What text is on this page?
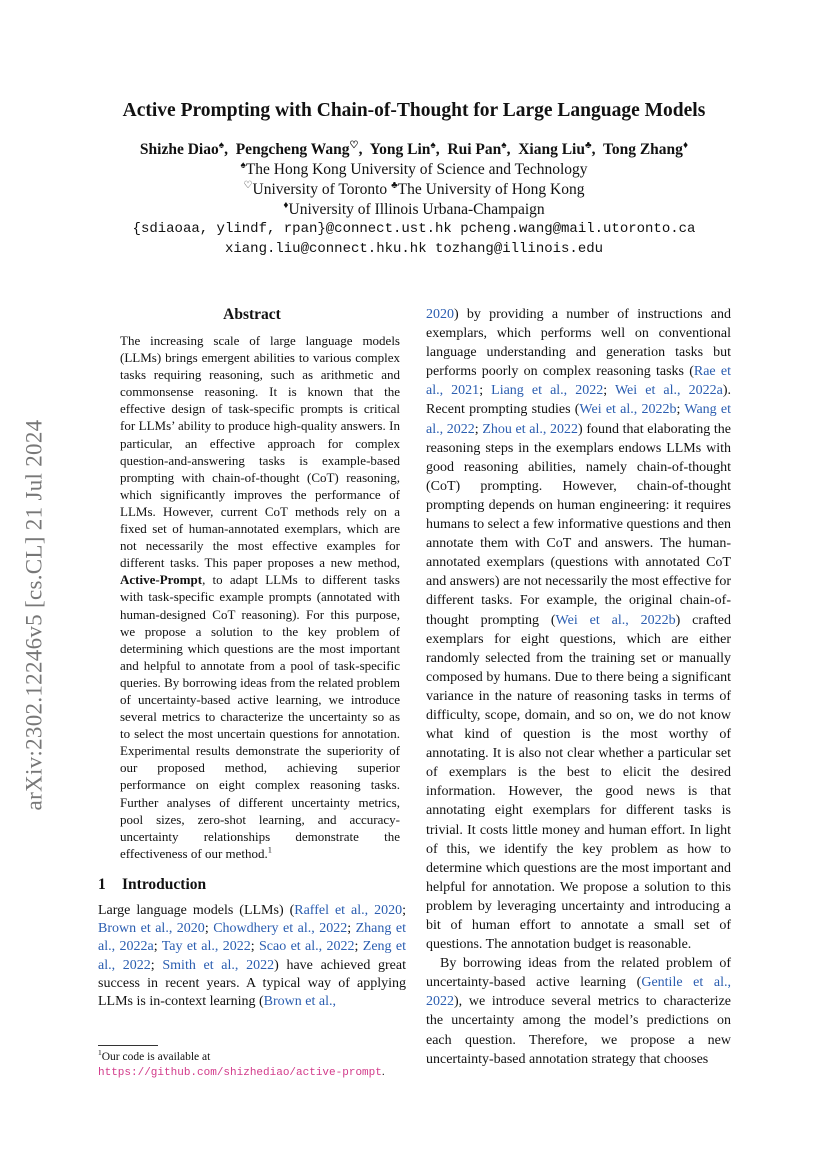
arXiv:2302.12246v5 [cs.CL] 21 Jul 2024
Active Prompting with Chain-of-Thought for Large Language Models
Shizhe Diao♠,  Pengcheng Wang♡,  Yong Lin♠,  Rui Pan♠,  Xiang Liu♣,  Tong Zhang♦
♠The Hong Kong University of Science and Technology
♡University of Toronto ♣The University of Hong Kong
♦University of Illinois Urbana-Champaign
{sdiaoaa, ylindf, rpan}@connect.ust.hk pcheng.wang@mail.utoronto.ca
xiang.liu@connect.hku.hk tozhang@illinois.edu
Abstract
The increasing scale of large language models (LLMs) brings emergent abilities to various complex tasks requiring reasoning, such as arithmetic and commonsense reasoning. It is known that the effective design of task-specific prompts is critical for LLMs’ ability to produce high-quality answers. In particular, an effective approach for complex question-and-answering tasks is example-based prompting with chain-of-thought (CoT) reasoning, which significantly improves the performance of LLMs. However, current CoT methods rely on a fixed set of human-annotated exemplars, which are not necessarily the most effective examples for different tasks. This paper proposes a new method, Active-Prompt, to adapt LLMs to different tasks with task-specific example prompts (annotated with human-designed CoT reasoning). For this purpose, we propose a solution to the key problem of determining which questions are the most important and helpful to annotate from a pool of task-specific queries. By borrowing ideas from the related problem of uncertainty-based active learning, we introduce several metrics to characterize the uncertainty so as to select the most uncertain questions for annotation. Experimental results demonstrate the superiority of our proposed method, achieving superior performance on eight complex reasoning tasks. Further analyses of different uncertainty metrics, pool sizes, zero-shot learning, and accuracy-uncertainty relationships demonstrate the effectiveness of our method.$^1$
1 Introduction
Large language models (LLMs) (Raffel et al., 2020; Brown et al., 2020; Chowdhery et al., 2022; Zhang et al., 2022a; Tay et al., 2022; Scao et al., 2022; Zeng et al., 2022; Smith et al., 2022) have achieved great success in recent years. A typical way of applying LLMs is in-context learning (Brown et al.,

2020) by providing a number of instructions and exemplars, which performs well on conventional language understanding and generation tasks but performs poorly on complex reasoning tasks (Rae et al., 2021; Liang et al., 2022; Wei et al., 2022a). Recent prompting studies (Wei et al., 2022b; Wang et al., 2022; Zhou et al., 2022) found that elaborating the reasoning steps in the exemplars endows LLMs with good reasoning abilities, namely chain-of-thought (CoT) prompting. However, chain-of-thought prompting depends on human engineering: it requires humans to select a few informative questions and then annotate them with CoT and answers. The human-annotated exemplars (questions with annotated CoT and answers) are not necessarily the most effective for different tasks. For example, the original chain-of-thought prompting (Wei et al., 2022b) crafted exemplars for eight questions, which are either randomly selected from the training set or manually composed by humans. Due to there being a significant variance in the nature of reasoning tasks in terms of difficulty, scope, domain, and so on, we do not know what kind of question is the most worthy of annotating. It is also not clear whether a particular set of exemplars is the best to elicit the desired information. However, the good news is that annotating eight exemplars for different tasks is trivial. It costs little money and human effort. In light of this, we identify the key problem as how to determine which questions are the most important and helpful for annotation. We propose a solution to this problem by leveraging uncertainty and introducing a bit of human effort to annotate a small set of questions. The annotation budget is reasonable.

By borrowing ideas from the related problem of uncertainty-based active learning (Gentile et al., 2022), we introduce several metrics to characterize the uncertainty among the model’s predictions on each question. Therefore, we propose a new uncertainty-based annotation strategy that chooses

$^1$Our code is available at https://github.com/shizhediao/active-prompt.
